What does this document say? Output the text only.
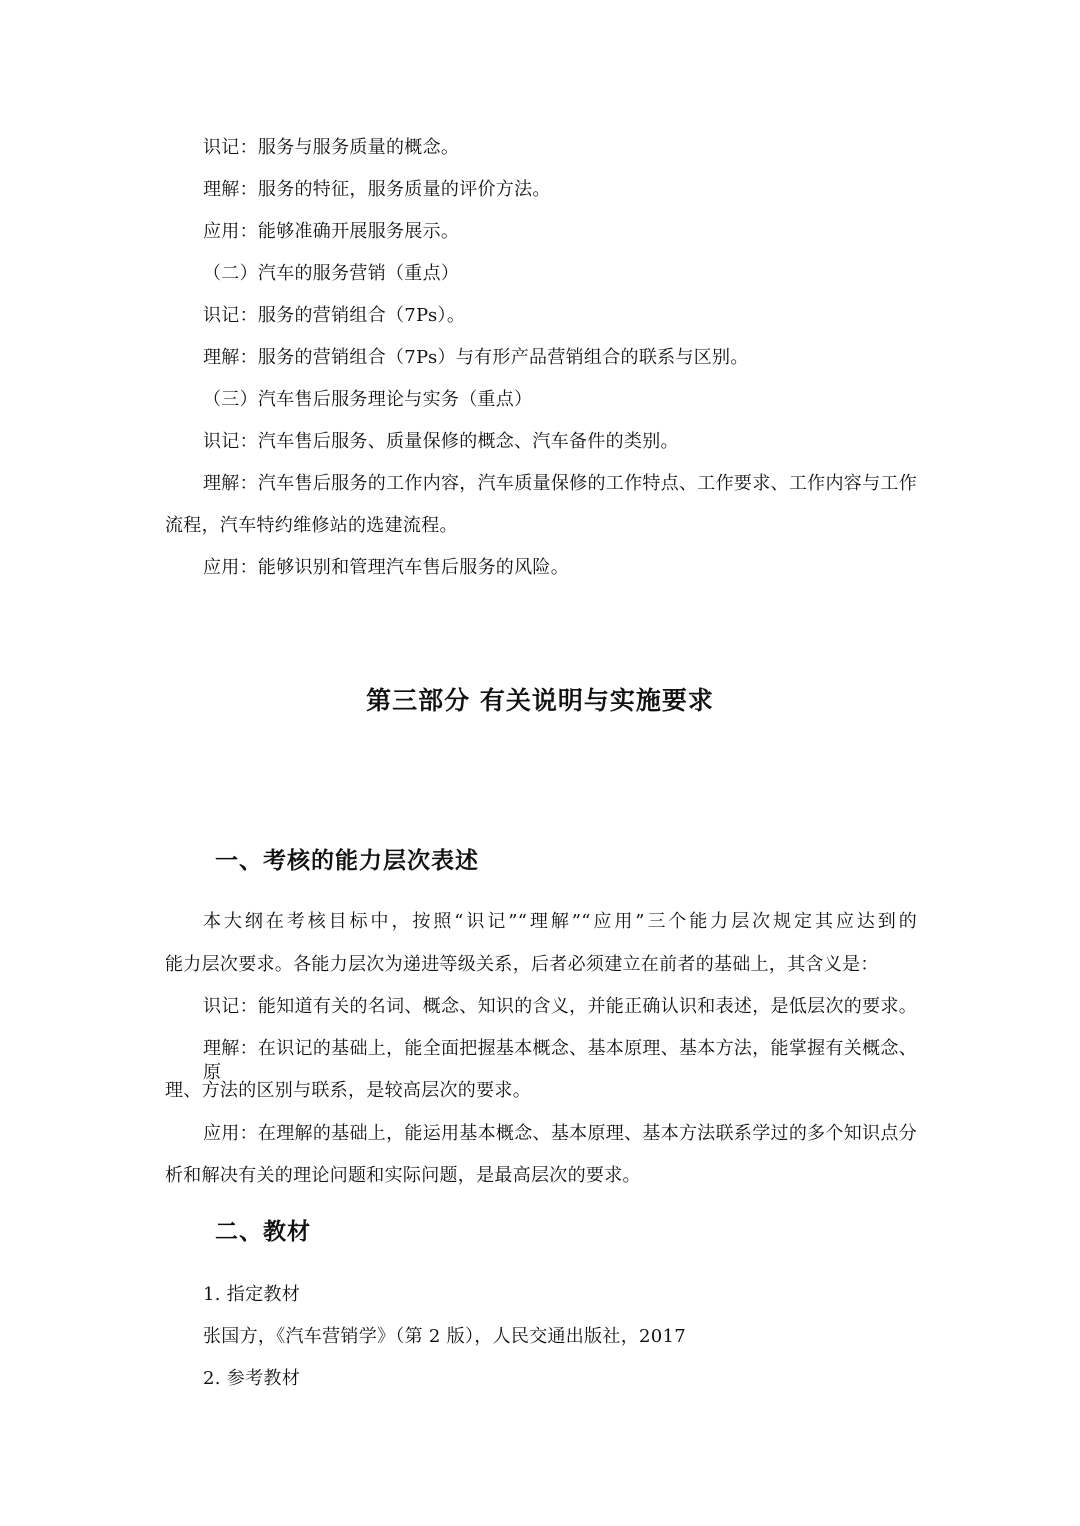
识记：服务与服务质量的概念。
理解：服务的特征，服务质量的评价方法。
应用：能够准确开展服务展示。
（二）汽车的服务营销（重点）
识记：服务的营销组合（7Ps）。
理解：服务的营销组合（7Ps）与有形产品营销组合的联系与区别。
（三）汽车售后服务理论与实务（重点）
识记：汽车售后服务、质量保修的概念、汽车备件的类别。
理解：汽车售后服务的工作内容，汽车质量保修的工作特点、工作要求、工作内容与工作
流程，汽车特约维修站的选建流程。
应用：能够识别和管理汽车售后服务的风险。
第三部分 有关说明与实施要求
一、考核的能力层次表述
本大纲在考核目标中，按照“识记”“理解”“应用”三个能力层次规定其应达到的
能力层次要求。各能力层次为递进等级关系，后者必须建立在前者的基础上，其含义是：
识记：能知道有关的名词、概念、知识的含义，并能正确认识和表述，是低层次的要求。
理解：在识记的基础上，能全面把握基本概念、基本原理、基本方法，能掌握有关概念、原
理、方法的区别与联系，是较高层次的要求。
应用：在理解的基础上，能运用基本概念、基本原理、基本方法联系学过的多个知识点分
析和解决有关的理论问题和实际问题，是最高层次的要求。
二、教材
1. 指定教材
张国方，《汽车营销学》（第 2 版），人民交通出版社，2017
2. 参考教材
